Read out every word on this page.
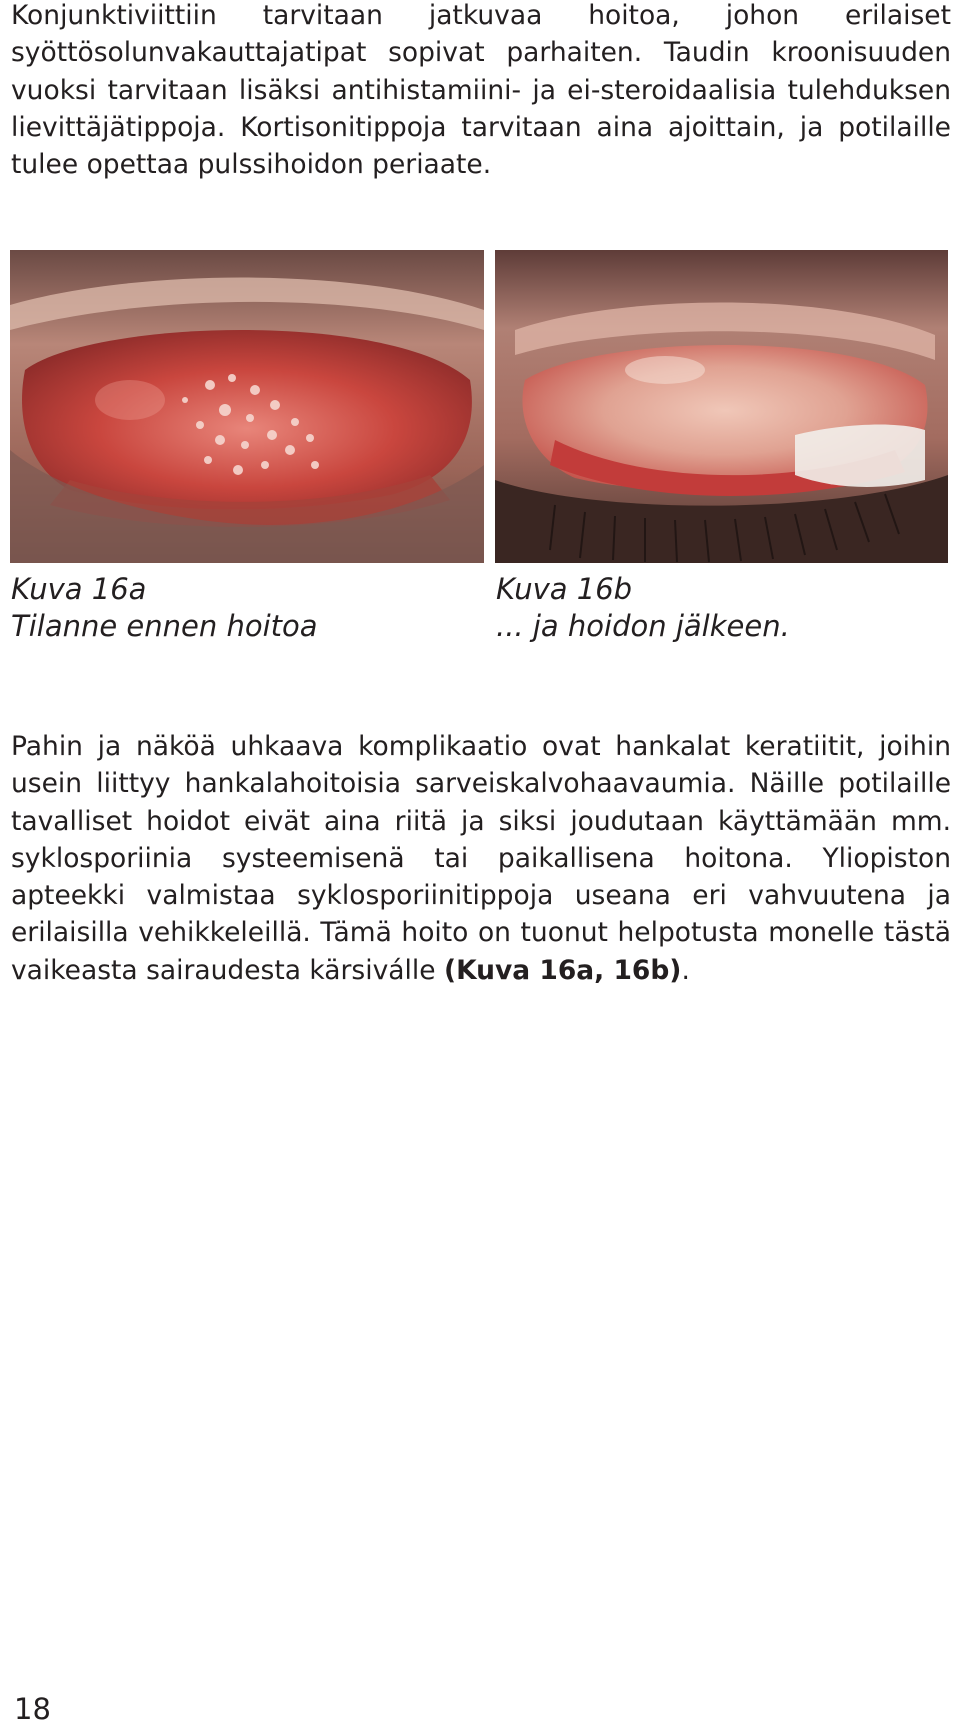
Konjunktiviittiin tarvitaan jatkuvaa hoitoa, johon erilaiset syöttösolunvakauttajatipat sopivat parhaiten. Taudin kroonisuuden vuoksi tarvitaan lisäksi antihistamiini- ja ei-steroidaalisia tulehduksen lievittäjätippoja. Kortisonitippoja tarvitaan aina ajoittain, ja potilaille tulee opettaa pulssihoidon periaate.

Kuva 16a
Tilanne ennen hoitoa
Kuva 16b
... ja hoidon jälkeen.

Pahin ja näköä uhkaava komplikaatio ovat hankalat keratiitit, joihin usein liittyy hankalahoitoisia sarveiskalvohaavaumia. Näille potilaille tavalliset hoidot eivät aina riitä ja siksi joudutaan käyttämään mm. syklosporiinia systeemisenä tai paikallisena hoitona. Yliopiston apteekki valmistaa syklosporiinitippoja useana eri vahvuutena ja erilaisilla vehikkeleillä. Tämä hoito on tuonut helpotusta monelle tästä vaikeasta sairaudesta kärsiválle (Kuva 16a, 16b).

18
